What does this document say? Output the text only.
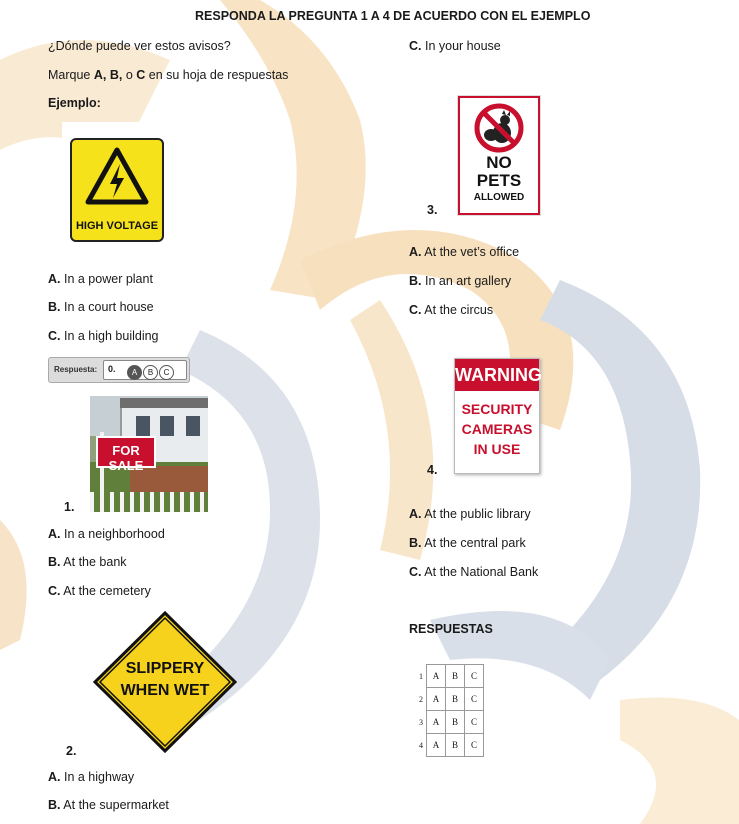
RESPONDA LA PREGUNTA 1 A 4 DE ACUERDO CON EL EJEMPLO
¿Dónde puede ver estos avisos?
Marque A, B, o C en su hoja de respuestas
Ejemplo:
HIGH VOLTAGE
A. In a power plant
B. In a court house
C. In a high building
Respuesta: 0.	A B C
FOR SALE
1.
A. In a neighborhood
B. At the bank
C. At the cemetery
SLIPPERY
WHEN WET
2.
A. In a highway
B. At the supermarket
C. In your house
NO
PETS
ALLOWED
3.
A. At the vet’s office
B. In an art gallery
C. At the circus
WARNING
SECURITY
CAMERAS
IN USE
4.
A. At the public library
B. At the central park
C. At the National Bank
RESPUESTAS
1	A	B	C
2	A	B	C
3	A	B	C
4	A	B	C
